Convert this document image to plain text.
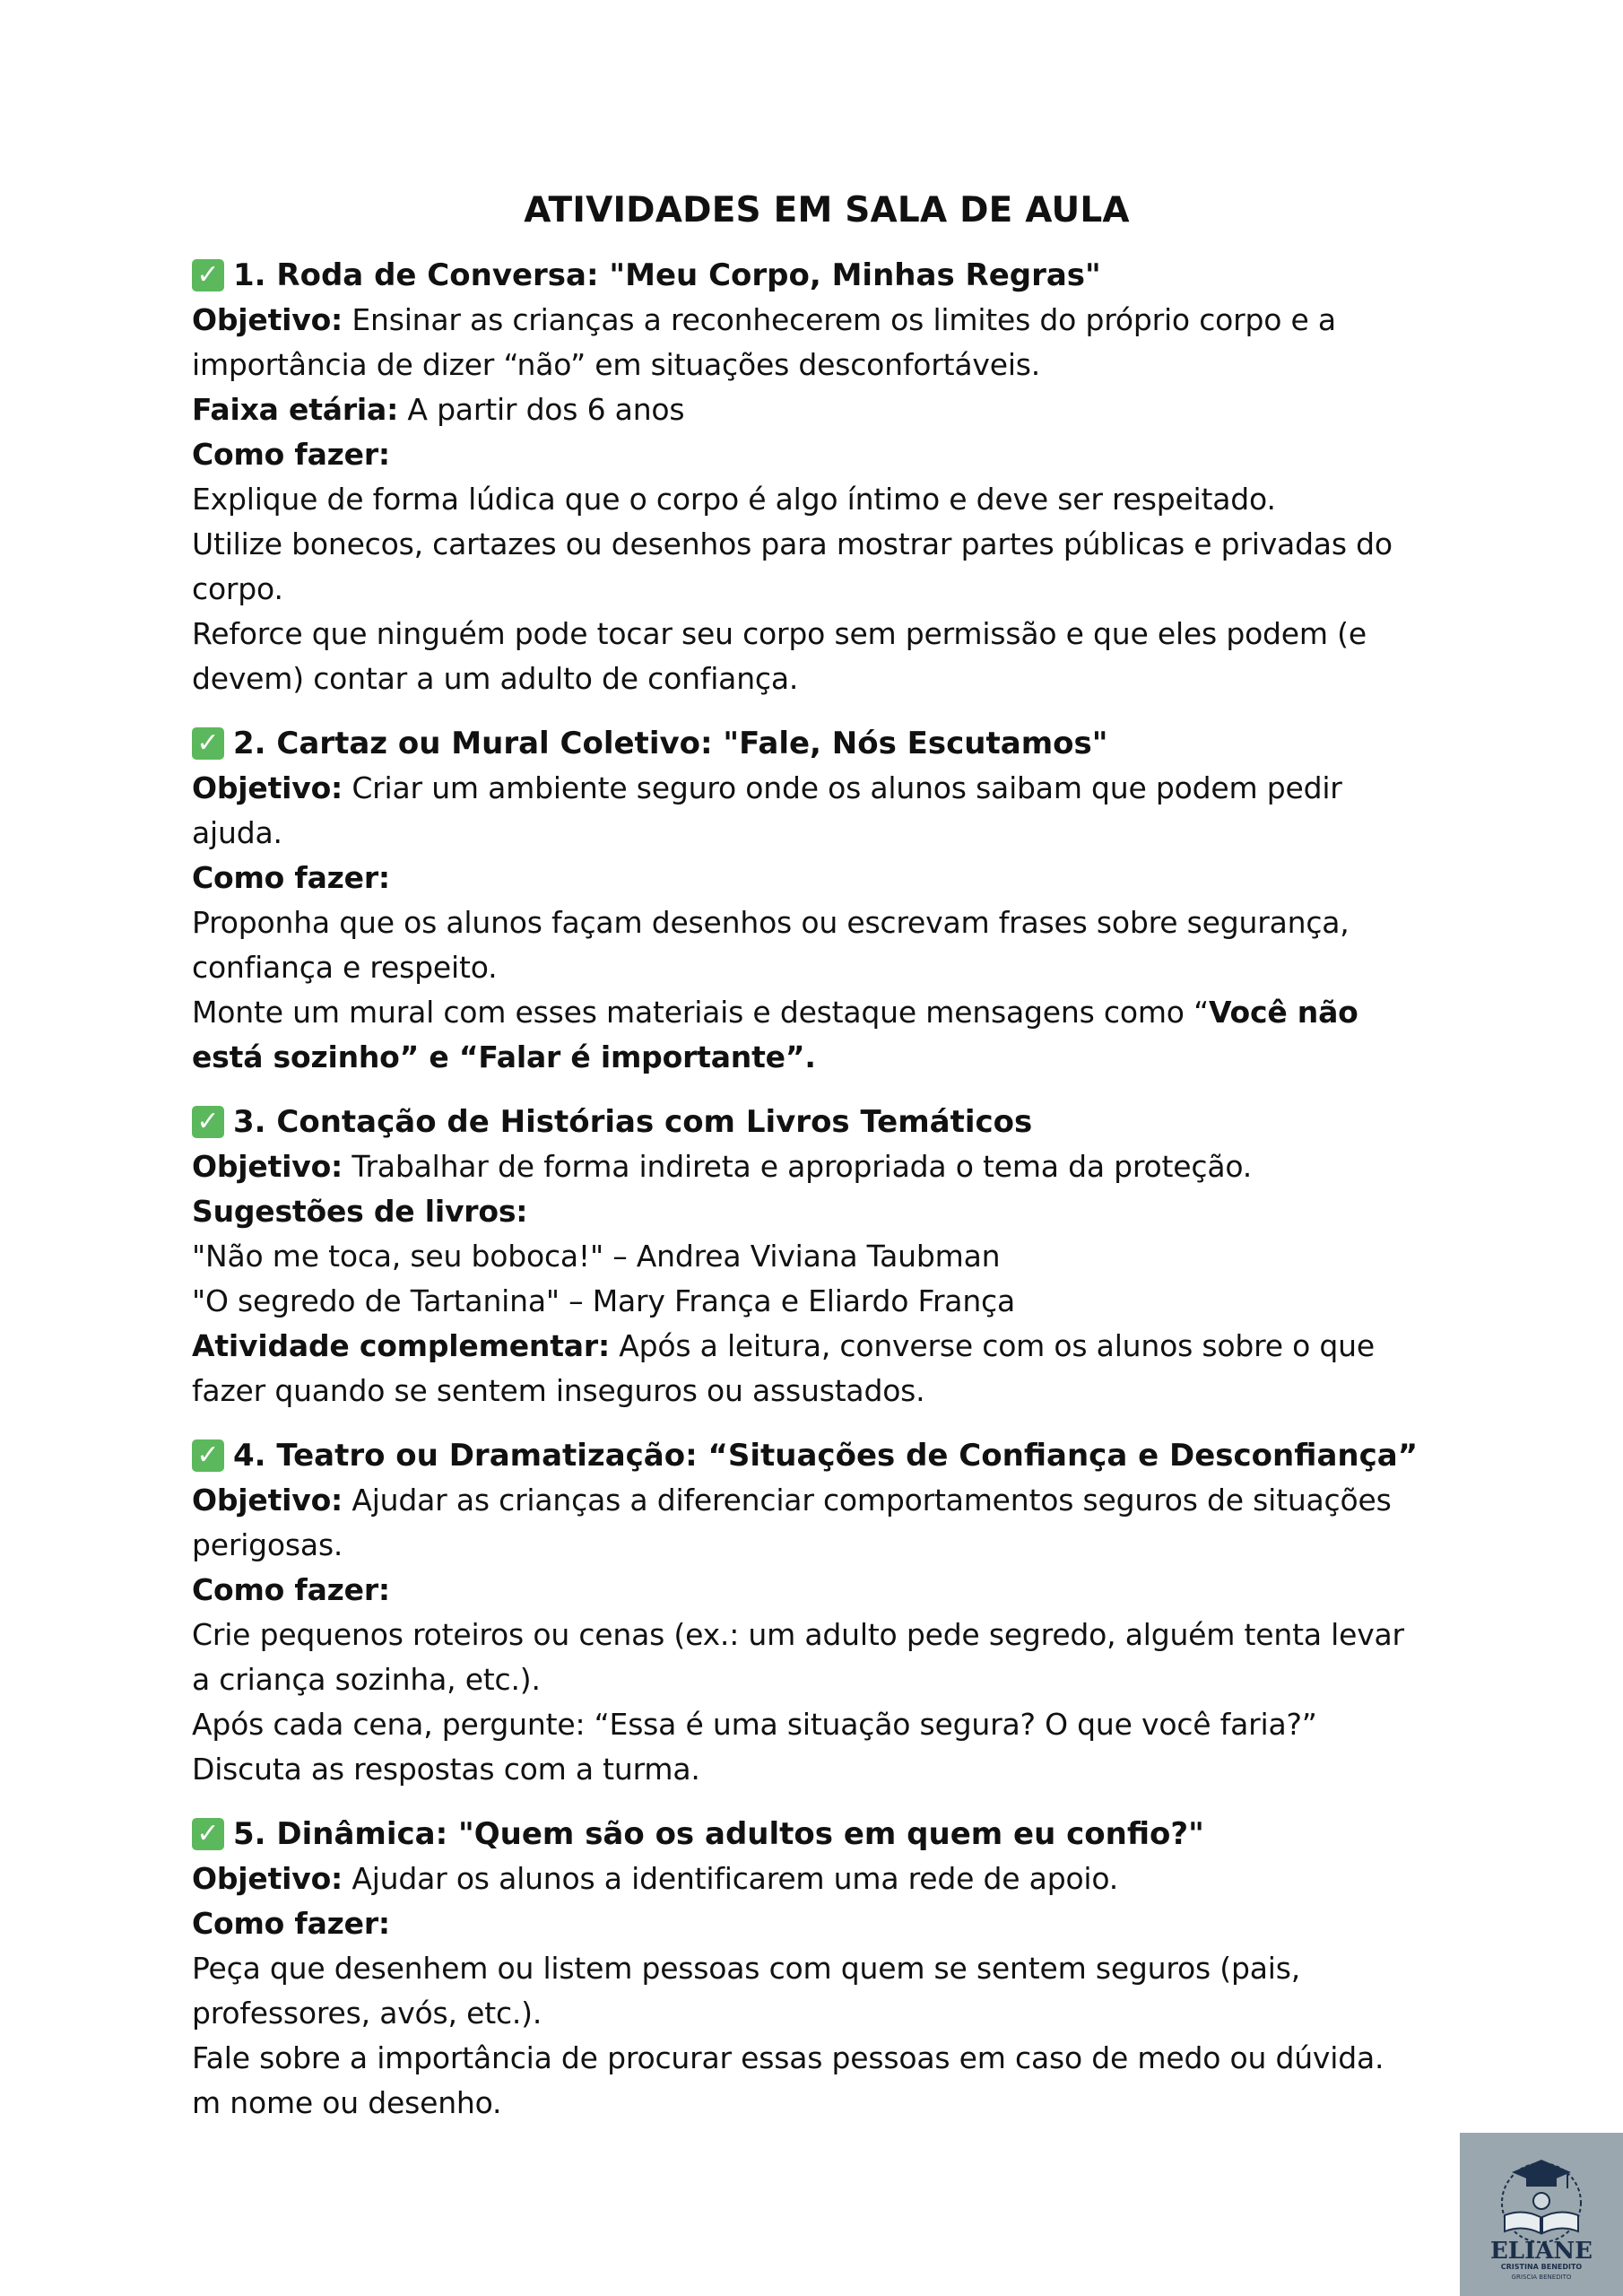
ATIVIDADES EM SALA DE AULA
✓ 1. Roda de Conversa: "Meu Corpo, Minhas Regras"

Objetivo: Ensinar as crianças a reconhecerem os limites do próprio corpo e a

importância de dizer “não” em situações desconfortáveis.

Faixa etária: A partir dos 6 anos

Como fazer:

Explique de forma lúdica que o corpo é algo íntimo e deve ser respeitado.

Utilize bonecos, cartazes ou desenhos para mostrar partes públicas e privadas do

corpo.

Reforce que ninguém pode tocar seu corpo sem permissão e que eles podem (e

devem) contar a um adulto de confiança.

✓ 2. Cartaz ou Mural Coletivo: "Fale, Nós Escutamos"

Objetivo: Criar um ambiente seguro onde os alunos saibam que podem pedir

ajuda.

Como fazer:

Proponha que os alunos façam desenhos ou escrevam frases sobre segurança,

confiança e respeito.

Monte um mural com esses materiais e destaque mensagens como “Você não

está sozinho” e “Falar é importante”.

✓ 3. Contação de Histórias com Livros Temáticos

Objetivo: Trabalhar de forma indireta e apropriada o tema da proteção.

Sugestões de livros:

"Não me toca, seu boboca!" – Andrea Viviana Taubman

"O segredo de Tartanina" – Mary França e Eliardo França

Atividade complementar: Após a leitura, converse com os alunos sobre o que

fazer quando se sentem inseguros ou assustados.

✓ 4. Teatro ou Dramatização: “Situações de Confiança e Desconfiança”

Objetivo: Ajudar as crianças a diferenciar comportamentos seguros de situações

perigosas.

Como fazer:

Crie pequenos roteiros ou cenas (ex.: um adulto pede segredo, alguém tenta levar

a criança sozinha, etc.).

Após cada cena, pergunte: “Essa é uma situação segura? O que você faria?”

Discuta as respostas com a turma.

✓ 5. Dinâmica: "Quem são os adultos em quem eu confio?"

Objetivo: Ajudar os alunos a identificarem uma rede de apoio.

Como fazer:

Peça que desenhem ou listem pessoas com quem se sentem seguros (pais,

professores, avós, etc.).

Fale sobre a importância de procurar essas pessoas em caso de medo ou dúvida.

m nome ou desenho.

ELIANE
CRISTINA BENEDITO
GRISCIA BENEDITO
